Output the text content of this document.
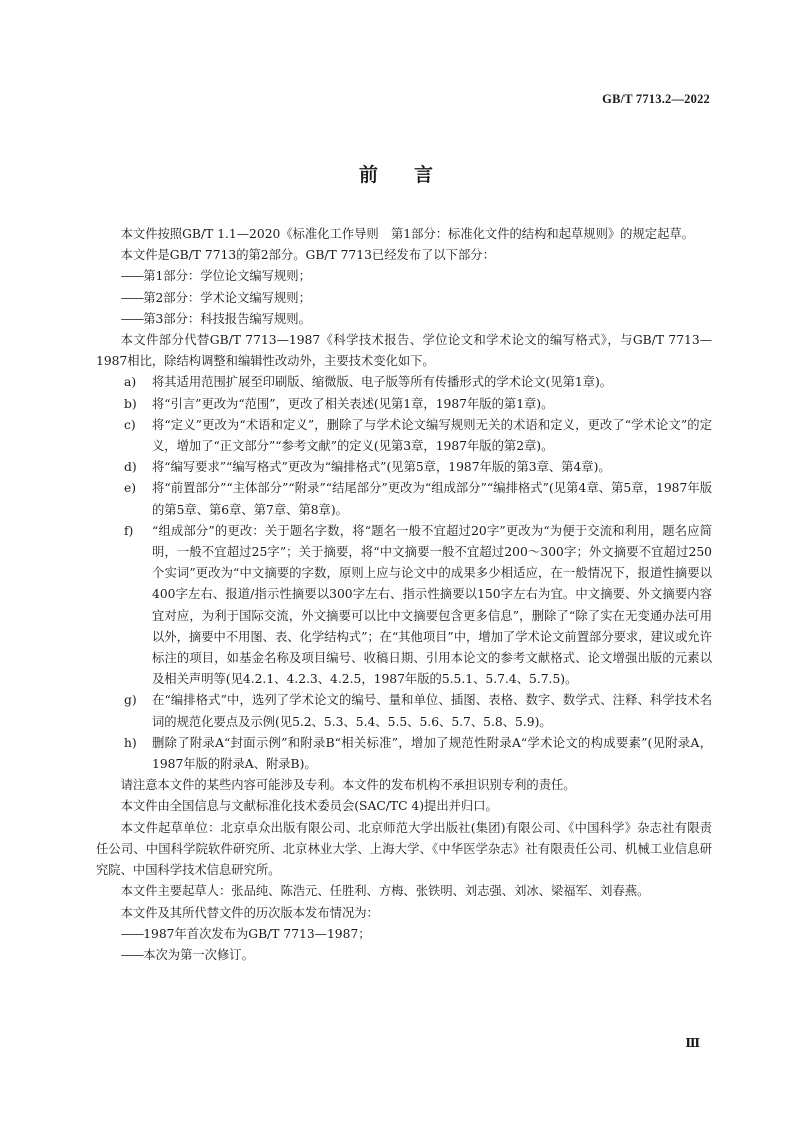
GB/T 7713.2—2022
前 言

本文件按照GB/T 1.1—2020《标准化工作导则　第1部分：标准化文件的结构和起草规则》的规定起草。

本文件是GB/T 7713的第2部分。GB/T 7713已经发布了以下部分：

——第1部分：学位论文编写规则；

——第2部分：学术论文编写规则；

——第3部分：科技报告编写规则。

本文件部分代替GB/T 7713—1987《科学技术报告、学位论文和学术论文的编写格式》，与GB/T 7713—1987相比，除结构调整和编辑性改动外，主要技术变化如下。

a)	将其适用范围扩展至印刷版、缩微版、电子版等所有传播形式的学术论文(见第1章)。
b)	将“引言”更改为“范围”，更改了相关表述(见第1章，1987年版的第1章)。
c)	将“定义”更改为“术语和定义”，删除了与学术论文编写规则无关的术语和定义，更改了“学术论文”的定义，增加了“正文部分”“参考文献”的定义(见第3章，1987年版的第2章)。
d)	将“编写要求”“编写格式”更改为“编排格式”(见第5章，1987年版的第3章、第4章)。
e)	将“前置部分”“主体部分”“附录”“结尾部分”更改为“组成部分”“编排格式”(见第4章、第5章，1987年版的第5章、第6章、第7章、第8章)。
f)	“组成部分”的更改：关于题名字数，将“题名一般不宜超过20字”更改为“为便于交流和利用，题名应简明，一般不宜超过25字”；关于摘要，将“中文摘要一般不宜超过200～300字；外文摘要不宜超过250个实词”更改为“中文摘要的字数，原则上应与论文中的成果多少相适应，在一般情况下，报道性摘要以400字左右、报道/指示性摘要以300字左右、指示性摘要以150字左右为宜。中文摘要、外文摘要内容宜对应，为利于国际交流，外文摘要可以比中文摘要包含更多信息”，删除了“除了实在无变通办法可用以外，摘要中不用图、表、化学结构式”；在“其他项目”中，增加了学术论文前置部分要求，建议或允许标注的项目，如基金名称及项目编号、收稿日期、引用本论文的参考文献格式、论文增强出版的元素以及相关声明等(见4.2.1、4.2.3、4.2.5，1987年版的5.5.1、5.7.4、5.7.5)。
g)	在“编排格式”中，选列了学术论文的编号、量和单位、插图、表格、数字、数学式、注释、科学技术名词的规范化要点及示例(见5.2、5.3、5.4、5.5、5.6、5.7、5.8、5.9)。
h)	删除了附录A“封面示例”和附录B“相关标准”，增加了规范性附录A“学术论文的构成要素”(见附录A，1987年版的附录A、附录B)。

请注意本文件的某些内容可能涉及专利。本文件的发布机构不承担识别专利的责任。

本文件由全国信息与文献标准化技术委员会(SAC/TC 4)提出并归口。

本文件起草单位：北京卓众出版有限公司、北京师范大学出版社(集团)有限公司、《中国科学》杂志社有限责任公司、中国科学院软件研究所、北京林业大学、上海大学、《中华医学杂志》社有限责任公司、机械工业信息研究院、中国科学技术信息研究所。

本文件主要起草人：张品纯、陈浩元、任胜利、方梅、张铁明、刘志强、刘冰、梁福军、刘春燕。

本文件及其所代替文件的历次版本发布情况为：

——1987年首次发布为GB/T 7713—1987；

——本次为第一次修订。

Ⅲ
